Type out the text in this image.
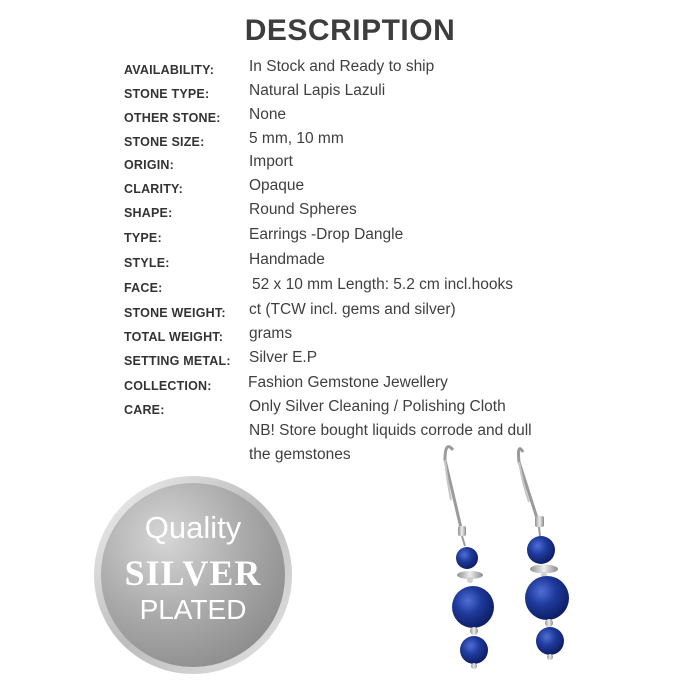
DESCRIPTION
AVAILABILITY: In Stock and Ready to ship
STONE TYPE:	Natural Lapis Lazuli
OTHER STONE: None
STONE SIZE:	5 mm, 10 mm
ORIGIN:	Import
CLARITY:	Opaque
SHAPE:	Round Spheres
TYPE:	Earrings -Drop Dangle
STYLE:	Handmade
FACE:	52 x 10 mm Length: 5.2 cm incl.hooks
STONE WEIGHT: ct (TCW incl. gems and silver)
TOTAL WEIGHT: grams
SETTING METAL: Silver E.P
COLLECTION: Fashion Gemstone Jewellery
CARE:	Only Silver Cleaning / Polishing Cloth
NB! Store bought liquids corrode and dull
the gemstones
Quality
SILVER
PLATED
